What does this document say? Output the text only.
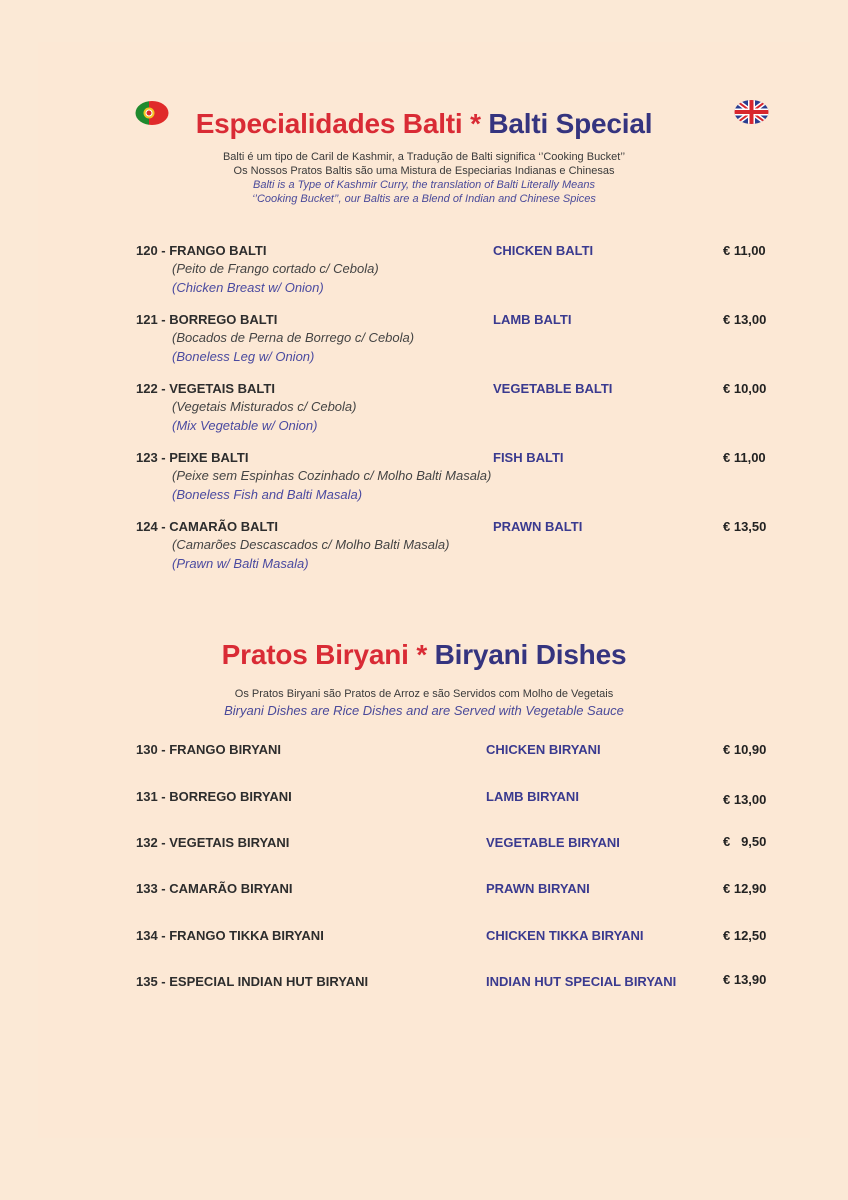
Especialidades Balti * Balti Special
Balti é um tipo de Caril de Kashmir, a Tradução de Balti significa ‘’Cooking Bucket’’
Os Nossos Pratos Baltis são uma Mistura de Especiarias Indianas e Chinesas
Balti is a Type of Kashmir Curry, the translation of Balti Literally Means
‘’Cooking Bucket’’, our Baltis are a Blend of Indian and Chinese Spices
120 - FRANGO BALTI	CHICKEN BALTI	€ 11,00
(Peito de Frango cortado c/ Cebola)
(Chicken Breast w/ Onion)
121 - BORREGO BALTI	LAMB BALTI	€ 13,00
(Bocados de Perna de Borrego c/ Cebola)
(Boneless Leg w/ Onion)
122 - VEGETAIS BALTI	VEGETABLE BALTI	€ 10,00
(Vegetais Misturados c/ Cebola)
(Mix Vegetable w/ Onion)
123 - PEIXE BALTI	FISH BALTI	€ 11,00
(Peixe sem Espinhas Cozinhado c/ Molho Balti Masala)
(Boneless Fish and Balti Masala)
124 - CAMARÃO BALTI	PRAWN BALTI	€ 13,50
(Camarões Descascados c/ Molho Balti Masala)
(Prawn w/ Balti Masala)
Pratos Biryani * Biryani Dishes
Os Pratos Biryani são Pratos de Arroz e são Servidos com Molho de Vegetais
Biryani Dishes are Rice Dishes and are Served with Vegetable Sauce
130 - FRANGO BIRYANI	CHICKEN BIRYANI	€ 10,90
131 - BORREGO BIRYANI	LAMB BIRYANI	€ 13,00
132 - VEGETAIS BIRYANI	VEGETABLE BIRYANI	€   9,50
133 - CAMARÃO BIRYANI	PRAWN BIRYANI	€ 12,90
134 - FRANGO TIKKA BIRYANI	CHICKEN TIKKA BIRYANI	€ 12,50
135 - ESPECIAL INDIAN HUT BIRYANI	INDIAN HUT SPECIAL BIRYANI	€ 13,90
